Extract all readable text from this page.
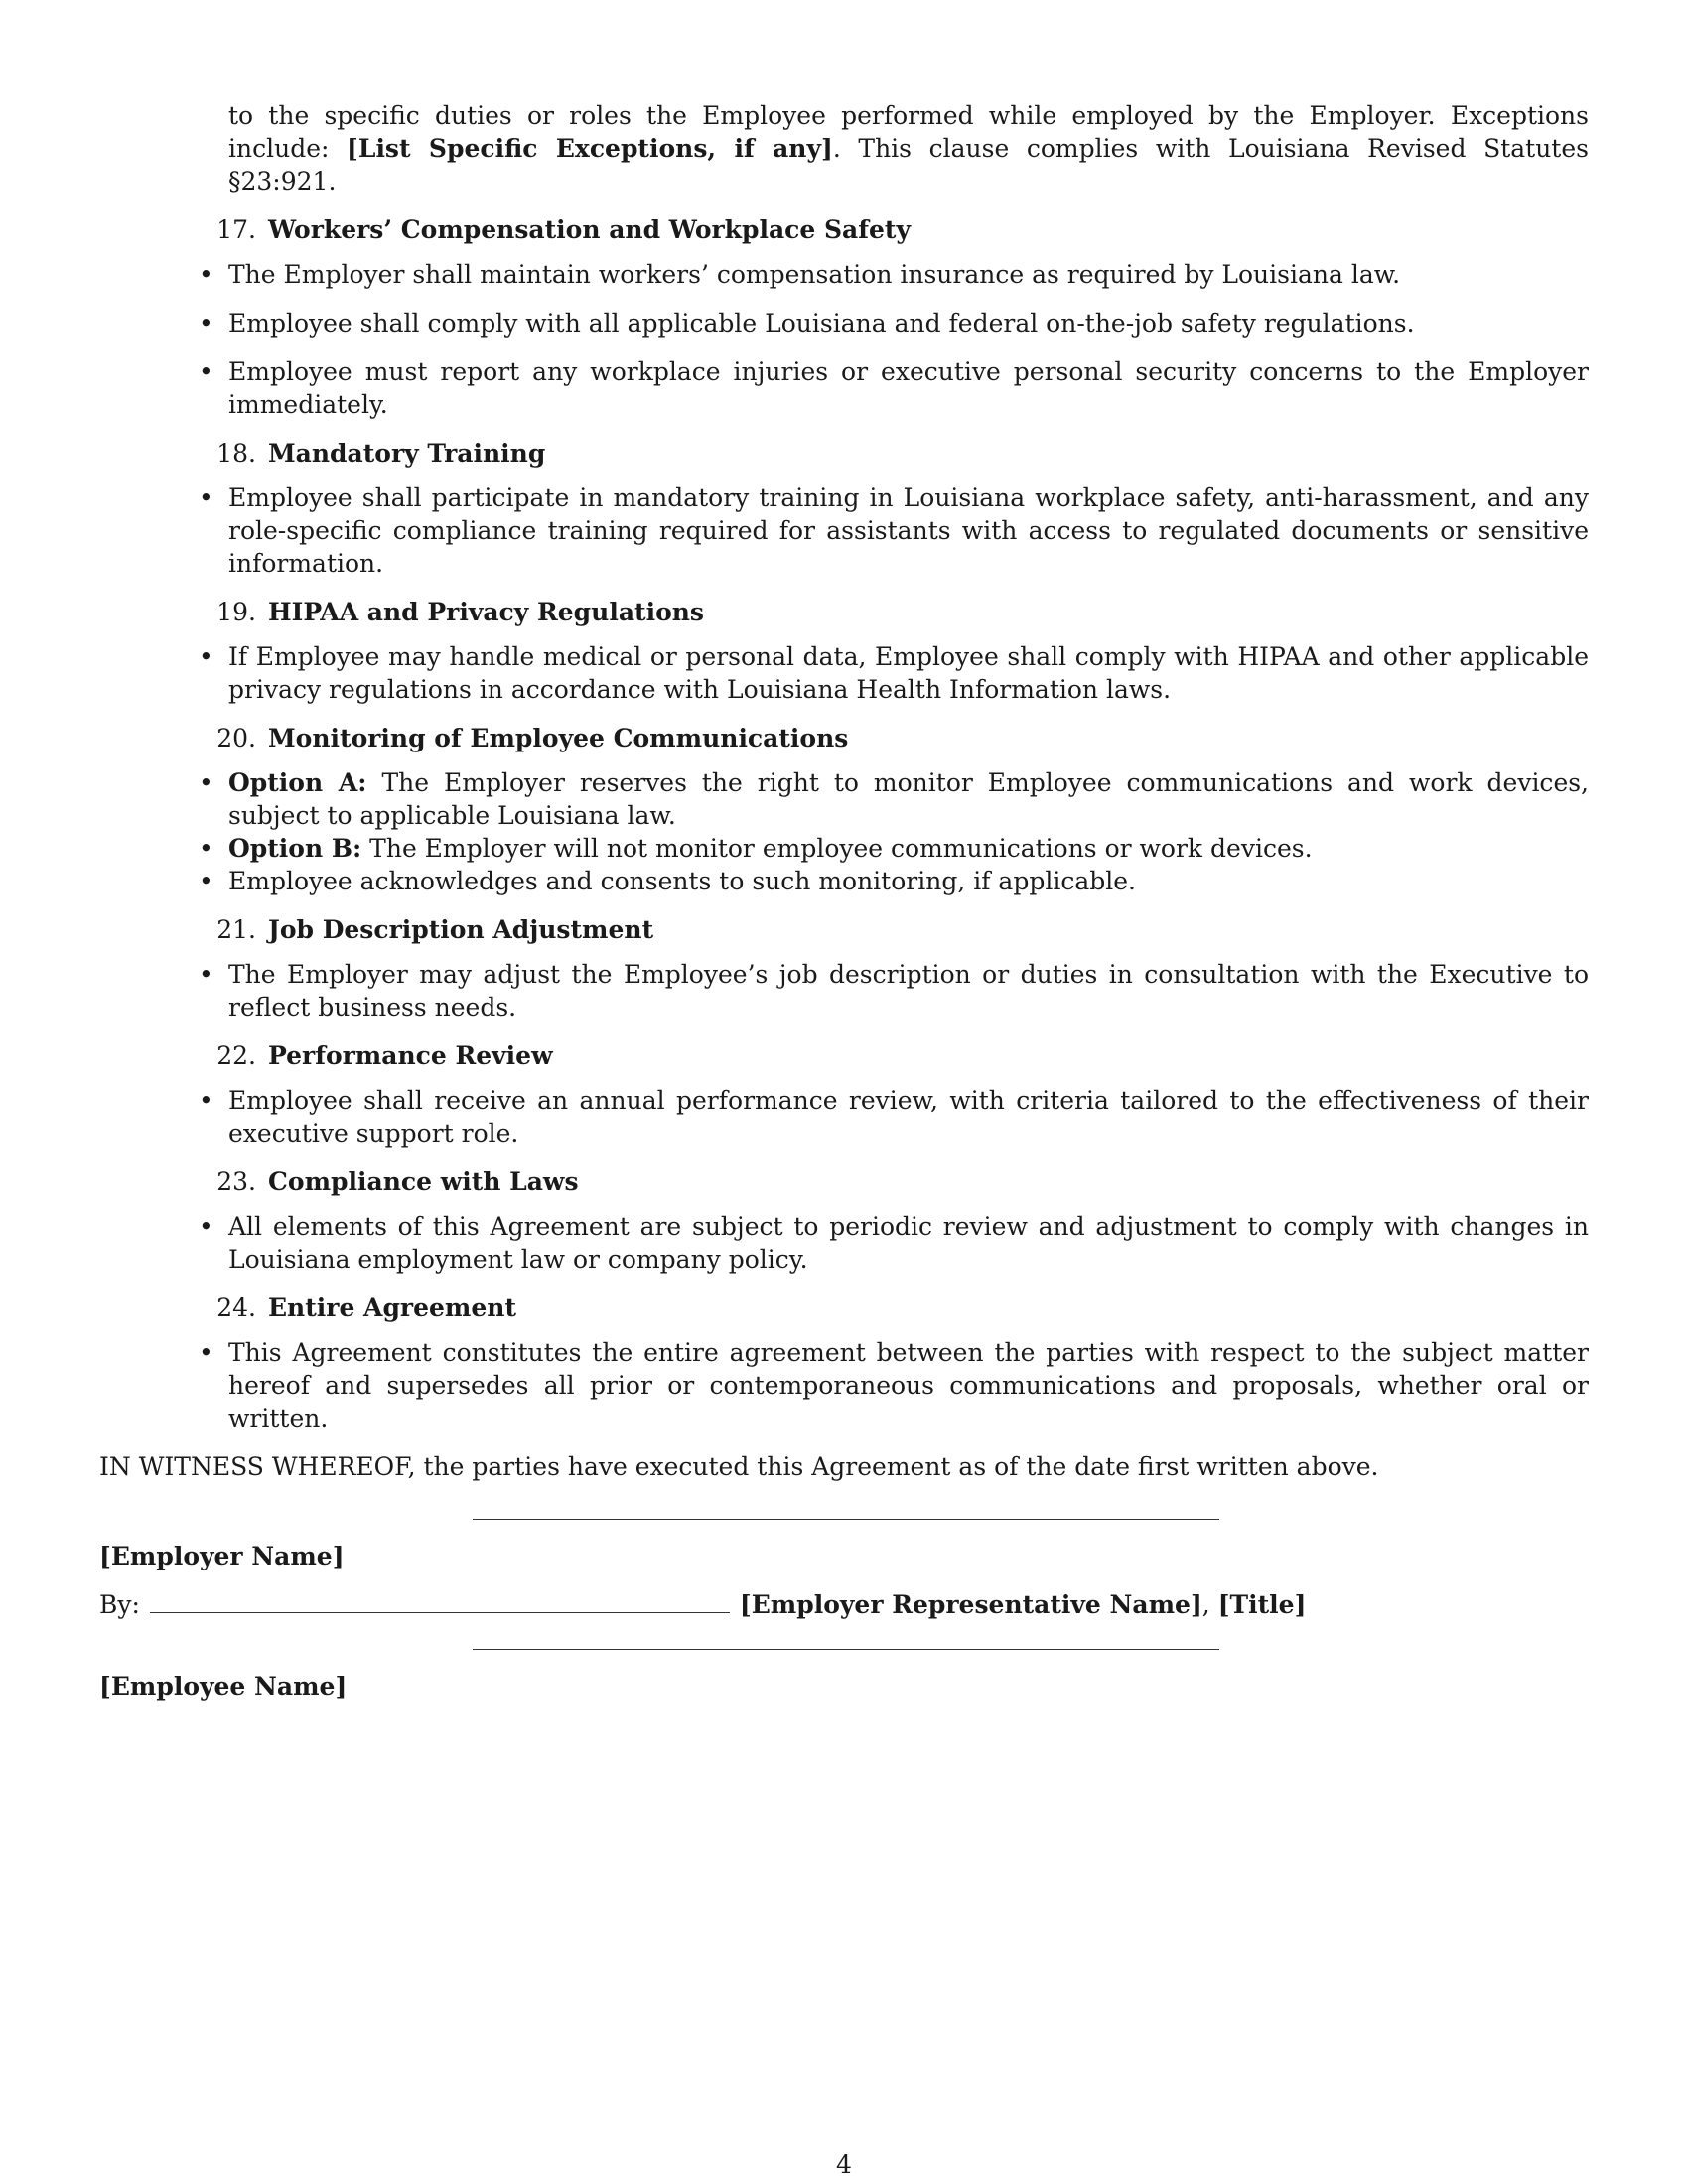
to the specific duties or roles the Employee performed while employed by the Employer. Exceptions include: [List Specific Exceptions, if any]. This clause complies with Louisiana Revised Statutes §23:921.
17. Workers’ Compensation and Workplace Safety
• The Employer shall maintain workers’ compensation insurance as required by Louisiana law.
• Employee shall comply with all applicable Louisiana and federal on-the-job safety regulations.
• Employee must report any workplace injuries or executive personal security concerns to the Employer immediately.
18. Mandatory Training
• Employee shall participate in mandatory training in Louisiana workplace safety, anti-harassment, and any role-specific compliance training required for assistants with access to regulated documents or sensitive information.
19. HIPAA and Privacy Regulations
• If Employee may handle medical or personal data, Employee shall comply with HIPAA and other applicable privacy regulations in accordance with Louisiana Health Information laws.
20. Monitoring of Employee Communications
• Option A: The Employer reserves the right to monitor Employee communications and work devices, subject to applicable Louisiana law.
• Option B: The Employer will not monitor employee communications or work devices.
• Employee acknowledges and consents to such monitoring, if applicable.
21. Job Description Adjustment
• The Employer may adjust the Employee’s job description or duties in consultation with the Executive to reflect business needs.
22. Performance Review
• Employee shall receive an annual performance review, with criteria tailored to the effectiveness of their executive support role.
23. Compliance with Laws
• All elements of this Agreement are subject to periodic review and adjustment to comply with changes in Louisiana employment law or company policy.
24. Entire Agreement
• This Agreement constitutes the entire agreement between the parties with respect to the subject matter hereof and supersedes all prior or contemporaneous communications and proposals, whether oral or written.
IN WITNESS WHEREOF, the parties have executed this Agreement as of the date first written above.
[Employer Name]
By:	[Employer Representative Name] , [Title]
[Employee Name]
4
